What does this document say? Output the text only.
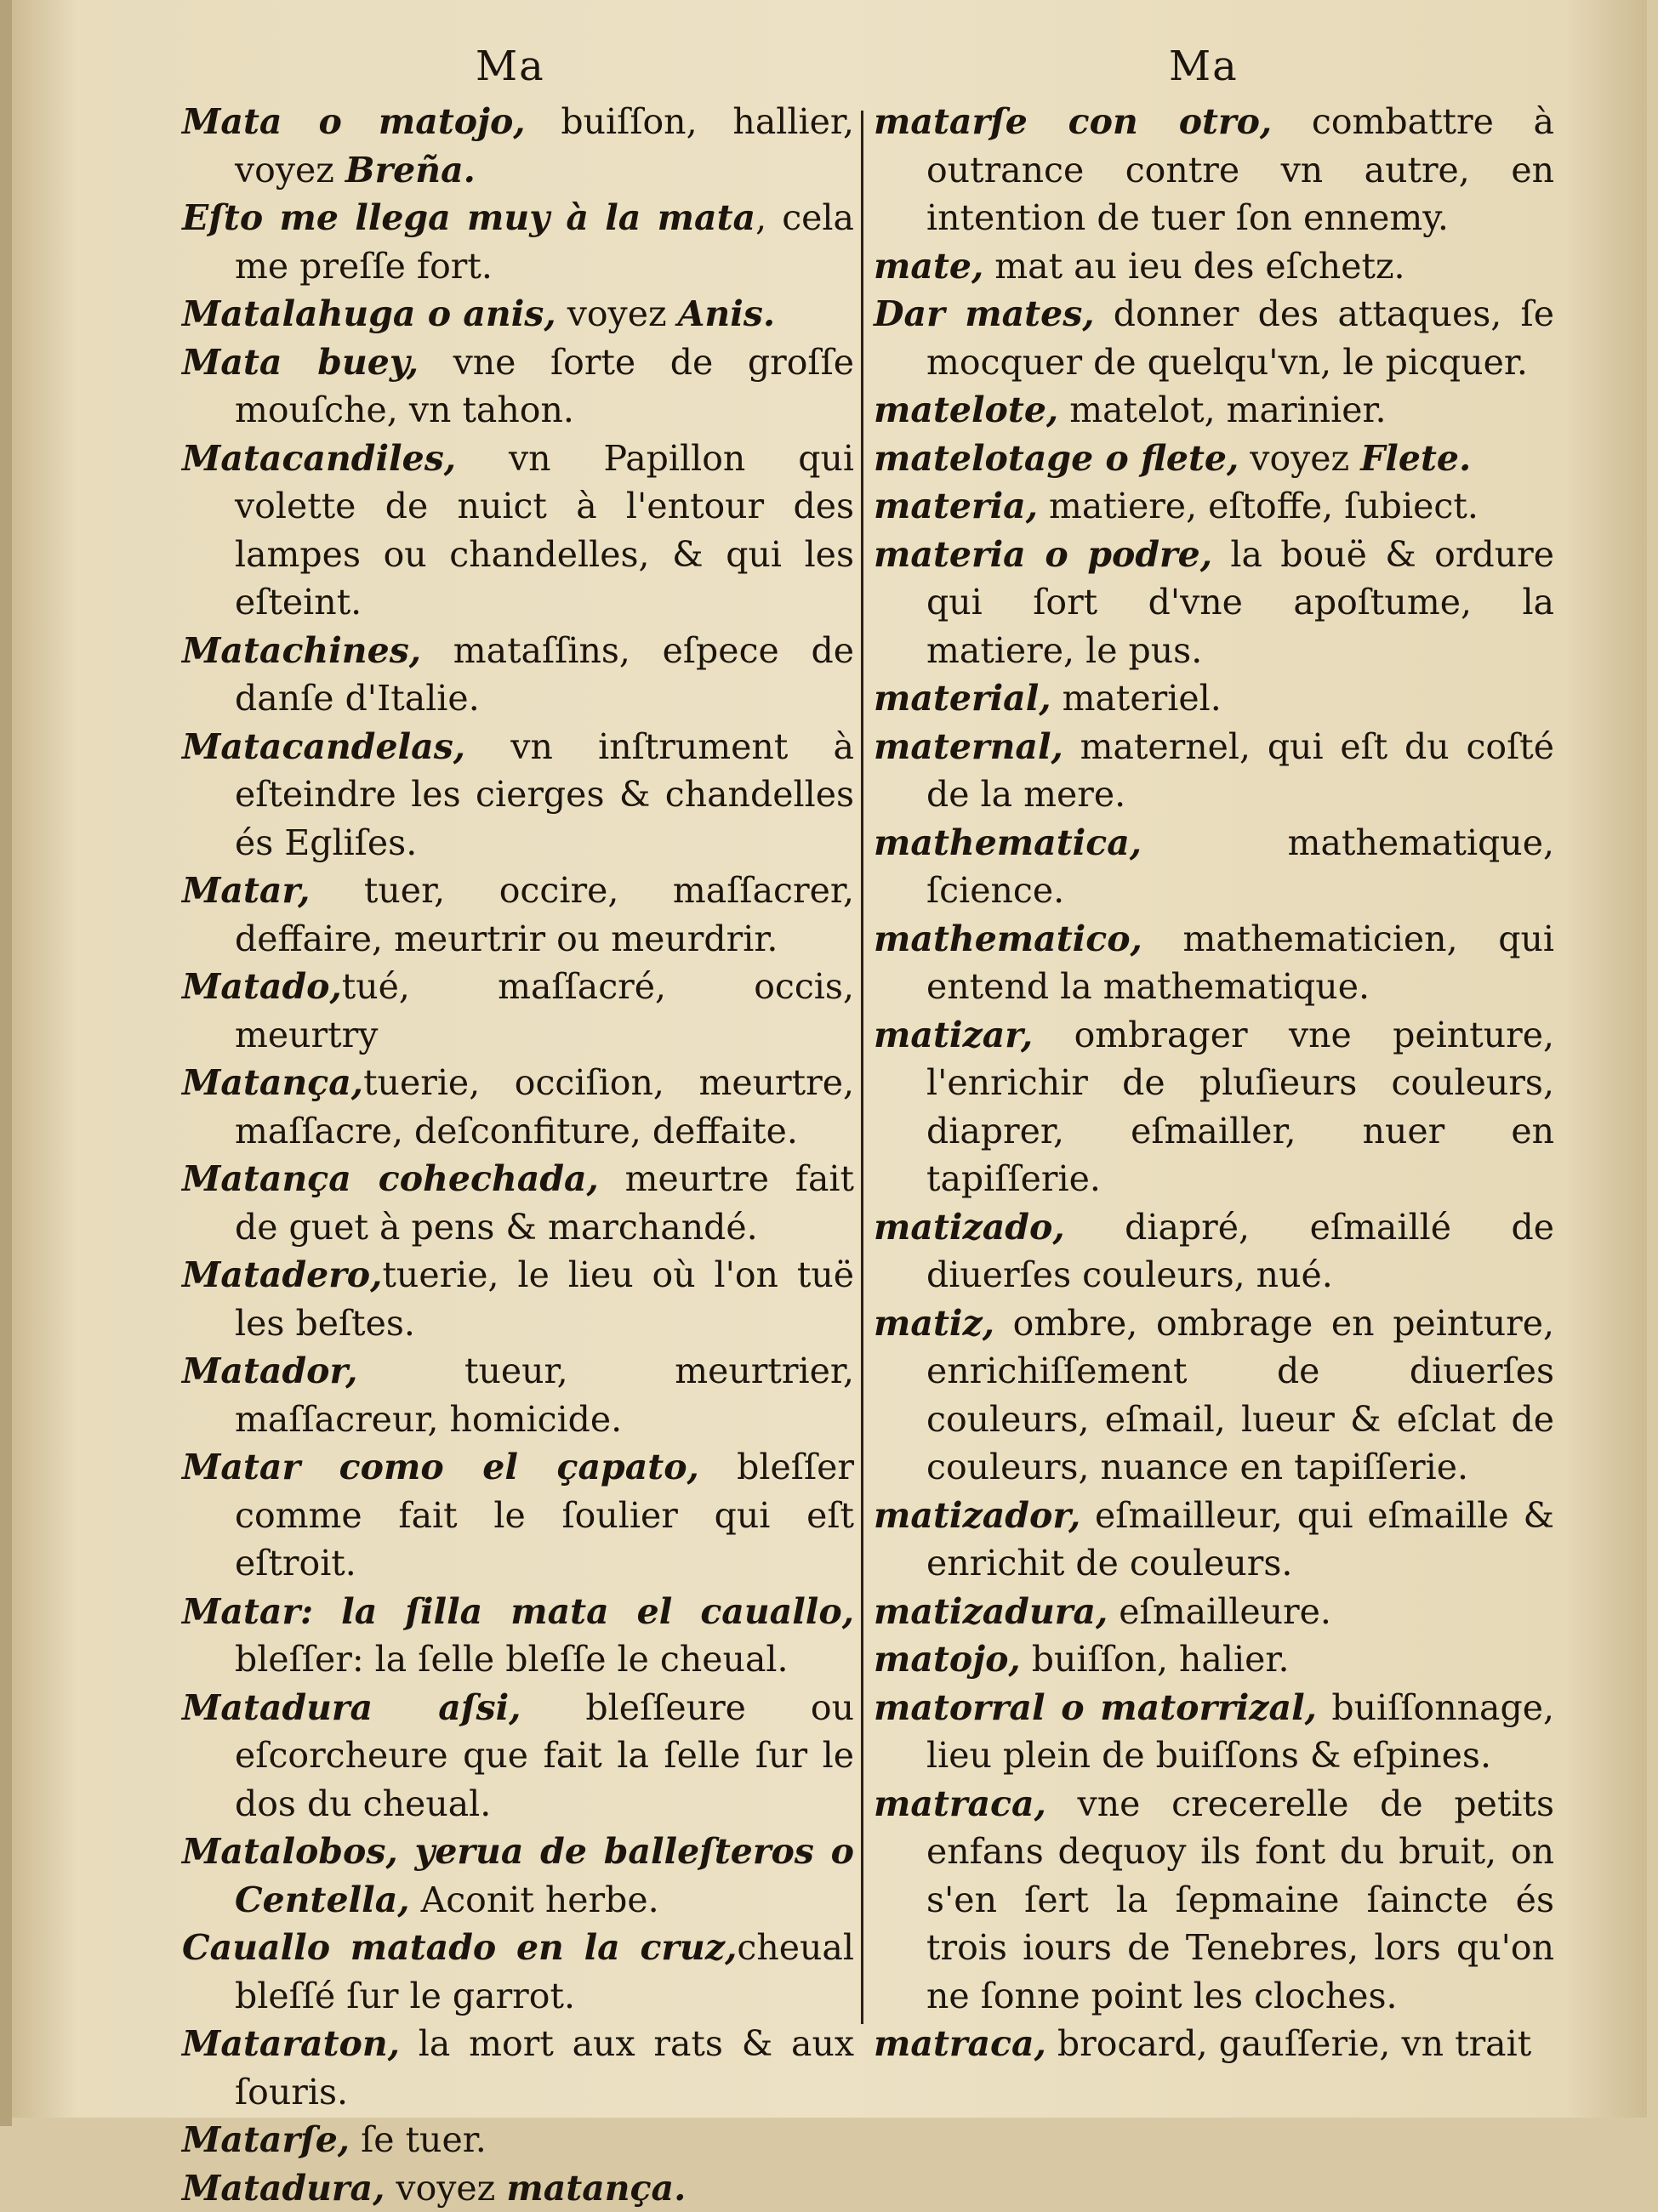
Ma	Ma
Mata o matojo, buiſſon, hallier, voyez Breña.
Eſto me llega muy à la mata, cela me preſſe fort.
Matalahuga o anis, voyez Anis.
Mata buey, vne ſorte de groſſe mouſche, vn tahon.
Matacandiles, vn Papillon qui volette de nuict à l'entour des lampes ou chandelles, & qui les eſteint.
Matachines, mataſſins, eſpece de danſe d'Italie.
Matacandelas, vn inſtrument à eſteindre les cierges & chandelles és Egliſes.
Matar, tuer, occire, maſſacrer, deffaire, meurtrir ou meurdrir.
Matado,tué, maſſacré, occis, meurtry
Matança,tuerie, occiſion, meurtre, maſſacre, deſconfiture, deffaite.
Matança cohechada, meurtre fait de guet à pens & marchandé.
Matadero,tuerie, le lieu où l'on tuë les beſtes.
Matador, tueur, meurtrier, maſſacreur, homicide.
Matar como el çapato, bleſſer comme fait le ſoulier qui eſt eſtroit.
Matar: la ſilla mata el cauallo, bleſſer: la ſelle bleſſe le cheual.
Matadura aſsi, bleſſeure ou eſcorcheure que fait la ſelle ſur le dos du cheual.
Matalobos, yerua de balleſteros o Centella, Aconit herbe.
Cauallo matado en la cruz,cheual bleſſé ſur le garrot.
Mataraton, la mort aux rats & aux ſouris.
Matarſe, ſe tuer.
Matadura, voyez matança.
matarſe con otro, combattre à outrance contre vn autre, en intention de tuer ſon ennemy.
mate, mat au ieu des eſchetz.
Dar mates, donner des attaques, ſe mocquer de quelqu'vn, le picquer.
matelote, matelot, marinier.
matelotage o flete, voyez Flete.
materia, matiere, eſtoffe, ſubiect.
materia o podre, la bouë & ordure qui ſort d'vne apoſtume, la matiere, le pus.
material, materiel.
maternal, maternel, qui eſt du coſté de la mere.
mathematica, mathematique, ſcience.
mathematico, mathematicien, qui entend la mathematique.
matizar, ombrager vne peinture, l'enrichir de pluſieurs couleurs, diaprer, eſmailler, nuer en tapiſſerie.
matizado, diapré, eſmaillé de diuerſes couleurs, nué.
matiz, ombre, ombrage en peinture, enrichiſſement de diuerſes couleurs, eſmail, lueur & eſclat de couleurs, nuance en tapiſſerie.
matizador, eſmailleur, qui eſmaille & enrichit de couleurs.
matizadura, eſmailleure.
matojo, buiſſon, halier.
matorral o matorrizal, buiſſonnage, lieu plein de buiſſons & eſpines.
matraca, vne crecerelle de petits enfans dequoy ils font du bruit, on s'en ſert la ſepmaine ſaincte és trois iours de Tenebres, lors qu'on ne ſonne point les cloches.
matraca, brocard, gauſſerie, vn trait
